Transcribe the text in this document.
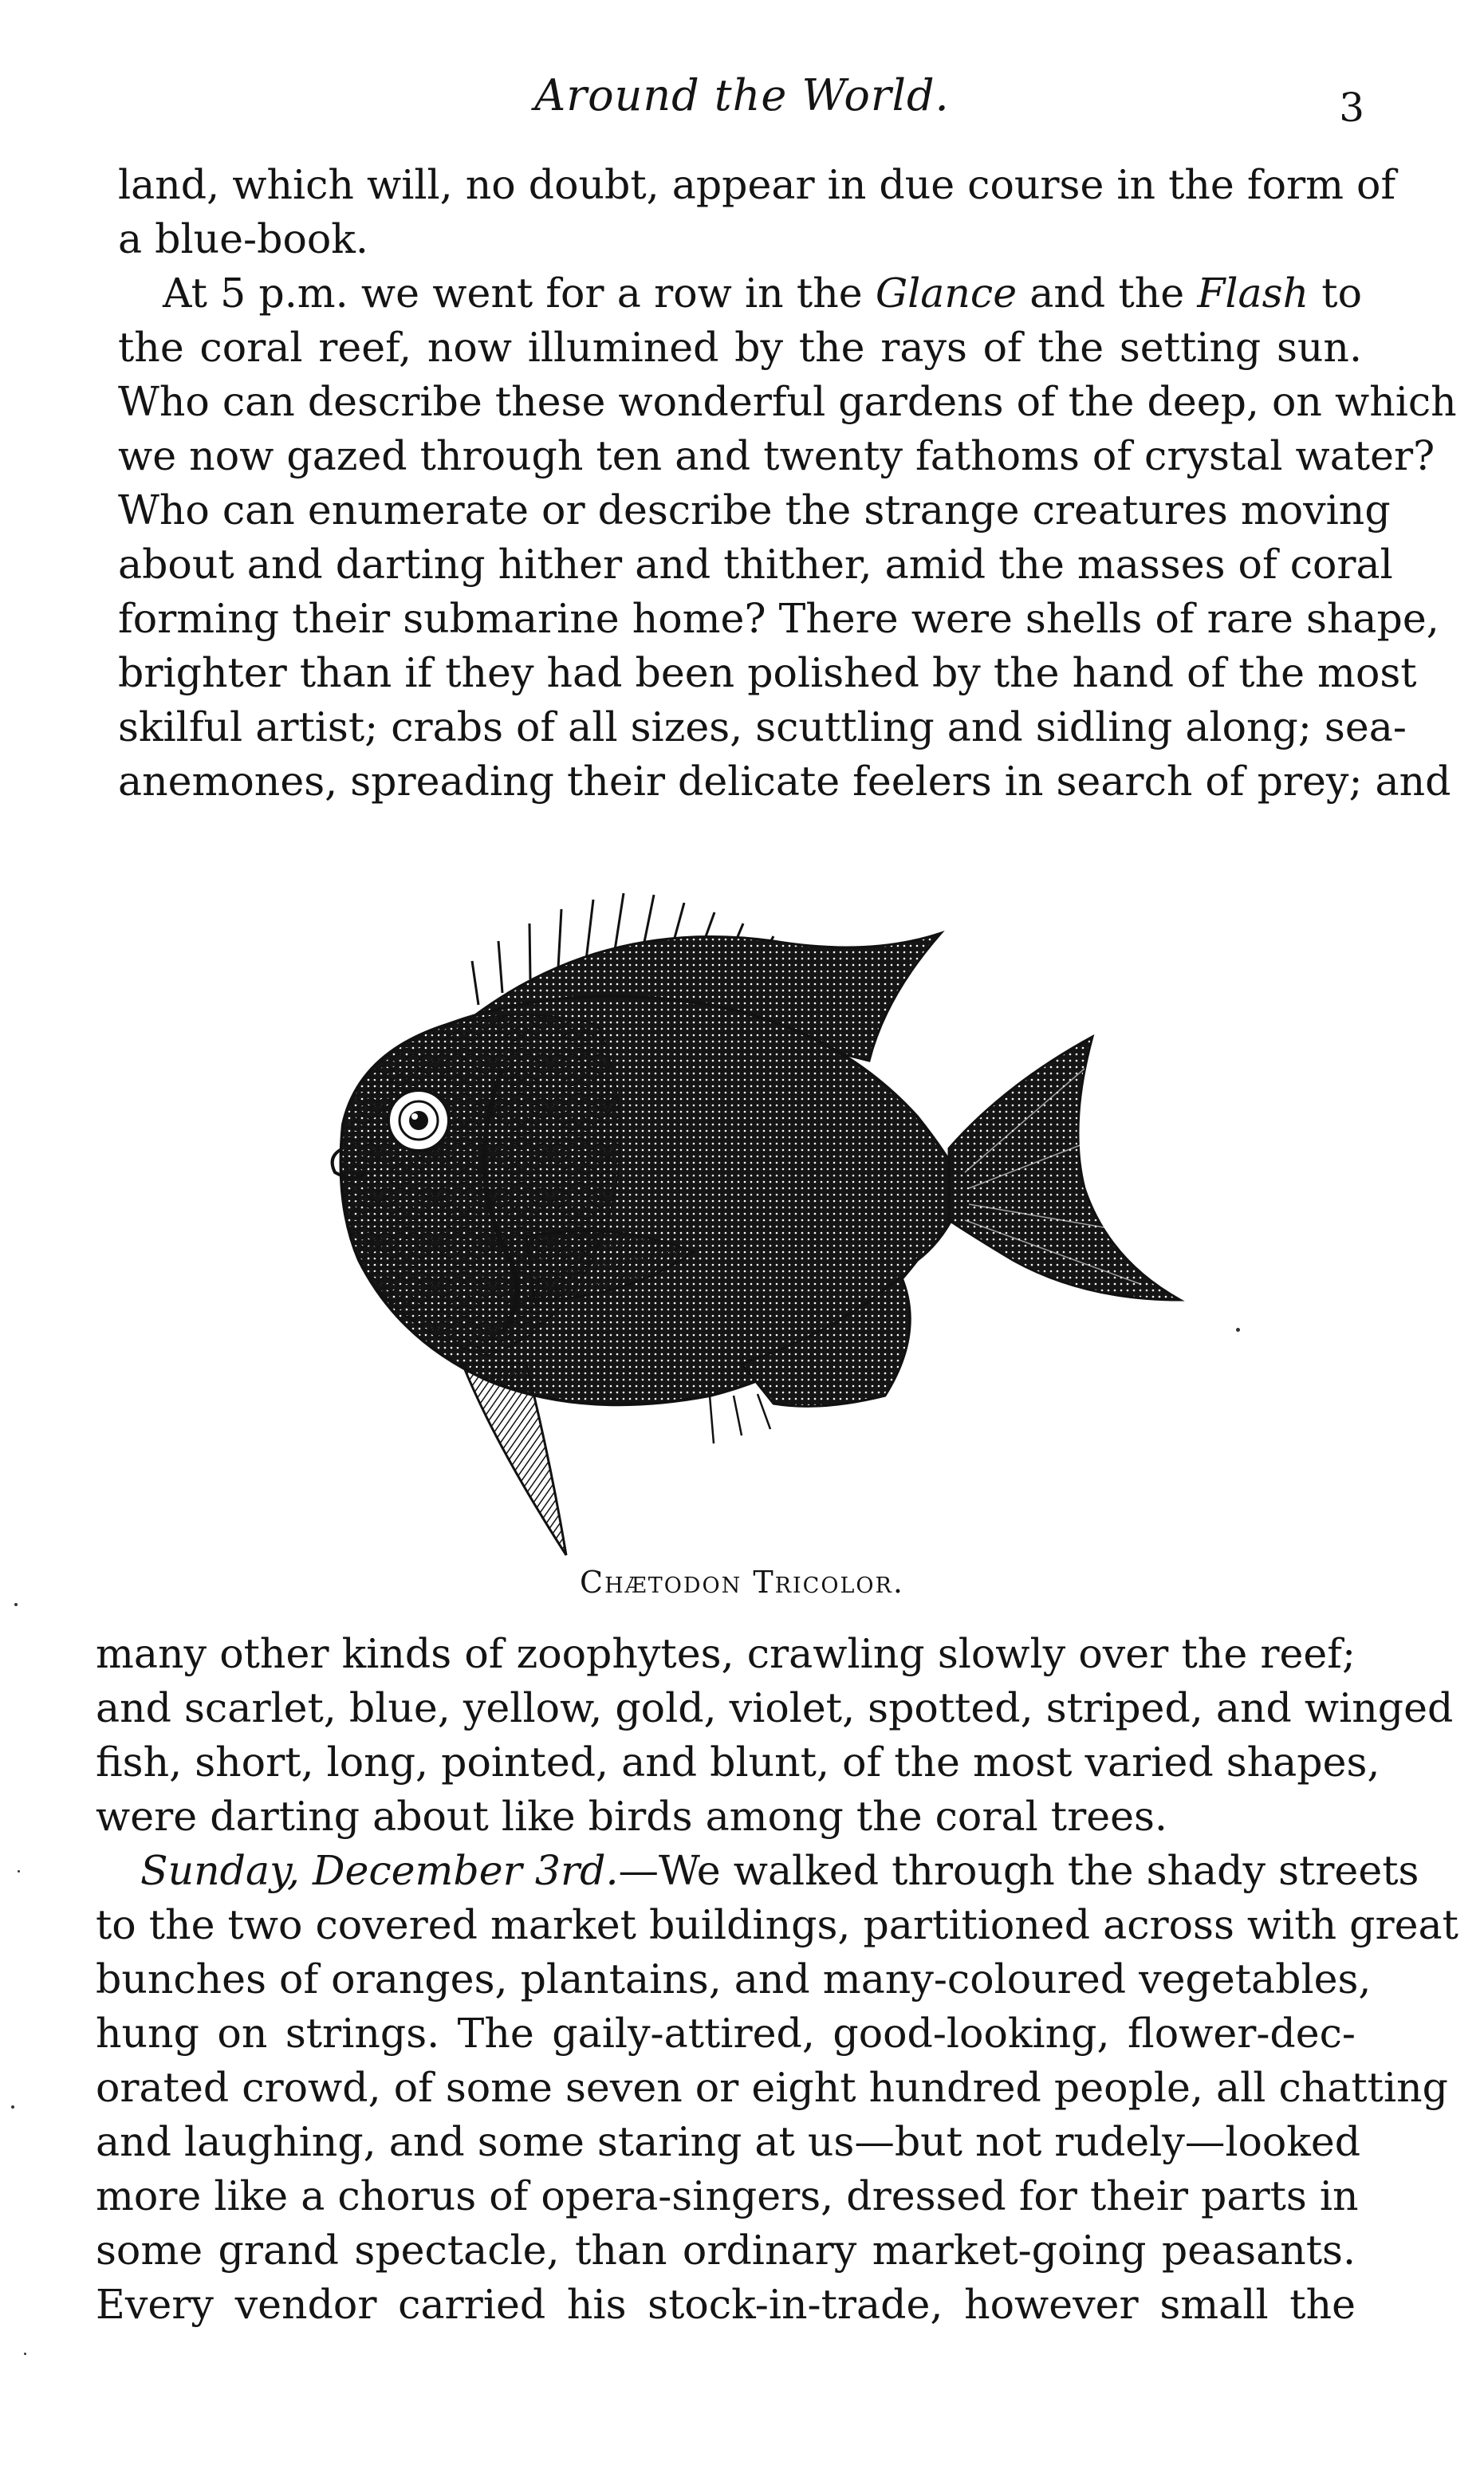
Around the World.	3
land, which will, no doubt, appear in due course in the form of
a blue-book.
At 5 p.m. we went for a row in the Glance and the Flash to
the coral reef, now illumined by the rays of the setting sun.
Who can describe these wonderful gardens of the deep, on which
we now gazed through ten and twenty fathoms of crystal water?
Who can enumerate or describe the strange creatures moving
about and darting hither and thither, amid the masses of coral
forming their submarine home? There were shells of rare shape,
brighter than if they had been polished by the hand of the most
skilful artist; crabs of all sizes, scuttling and sidling along; sea-
anemones, spreading their delicate feelers in search of prey; and
Chætodon Tricolor.
many other kinds of zoophytes, crawling slowly over the reef;
and scarlet, blue, yellow, gold, violet, spotted, striped, and winged
fish, short, long, pointed, and blunt, of the most varied shapes,
were darting about like birds among the coral trees.
Sunday, December 3rd.—We walked through the shady streets
to the two covered market buildings, partitioned across with great
bunches of oranges, plantains, and many-coloured vegetables,
hung on strings. The gaily-attired, good-looking, flower-dec-
orated crowd, of some seven or eight hundred people, all chatting
and laughing, and some staring at us—but not rudely—looked
more like a chorus of opera-singers, dressed for their parts in
some grand spectacle, than ordinary market-going peasants.
Every vendor carried his stock-in-trade, however small the
